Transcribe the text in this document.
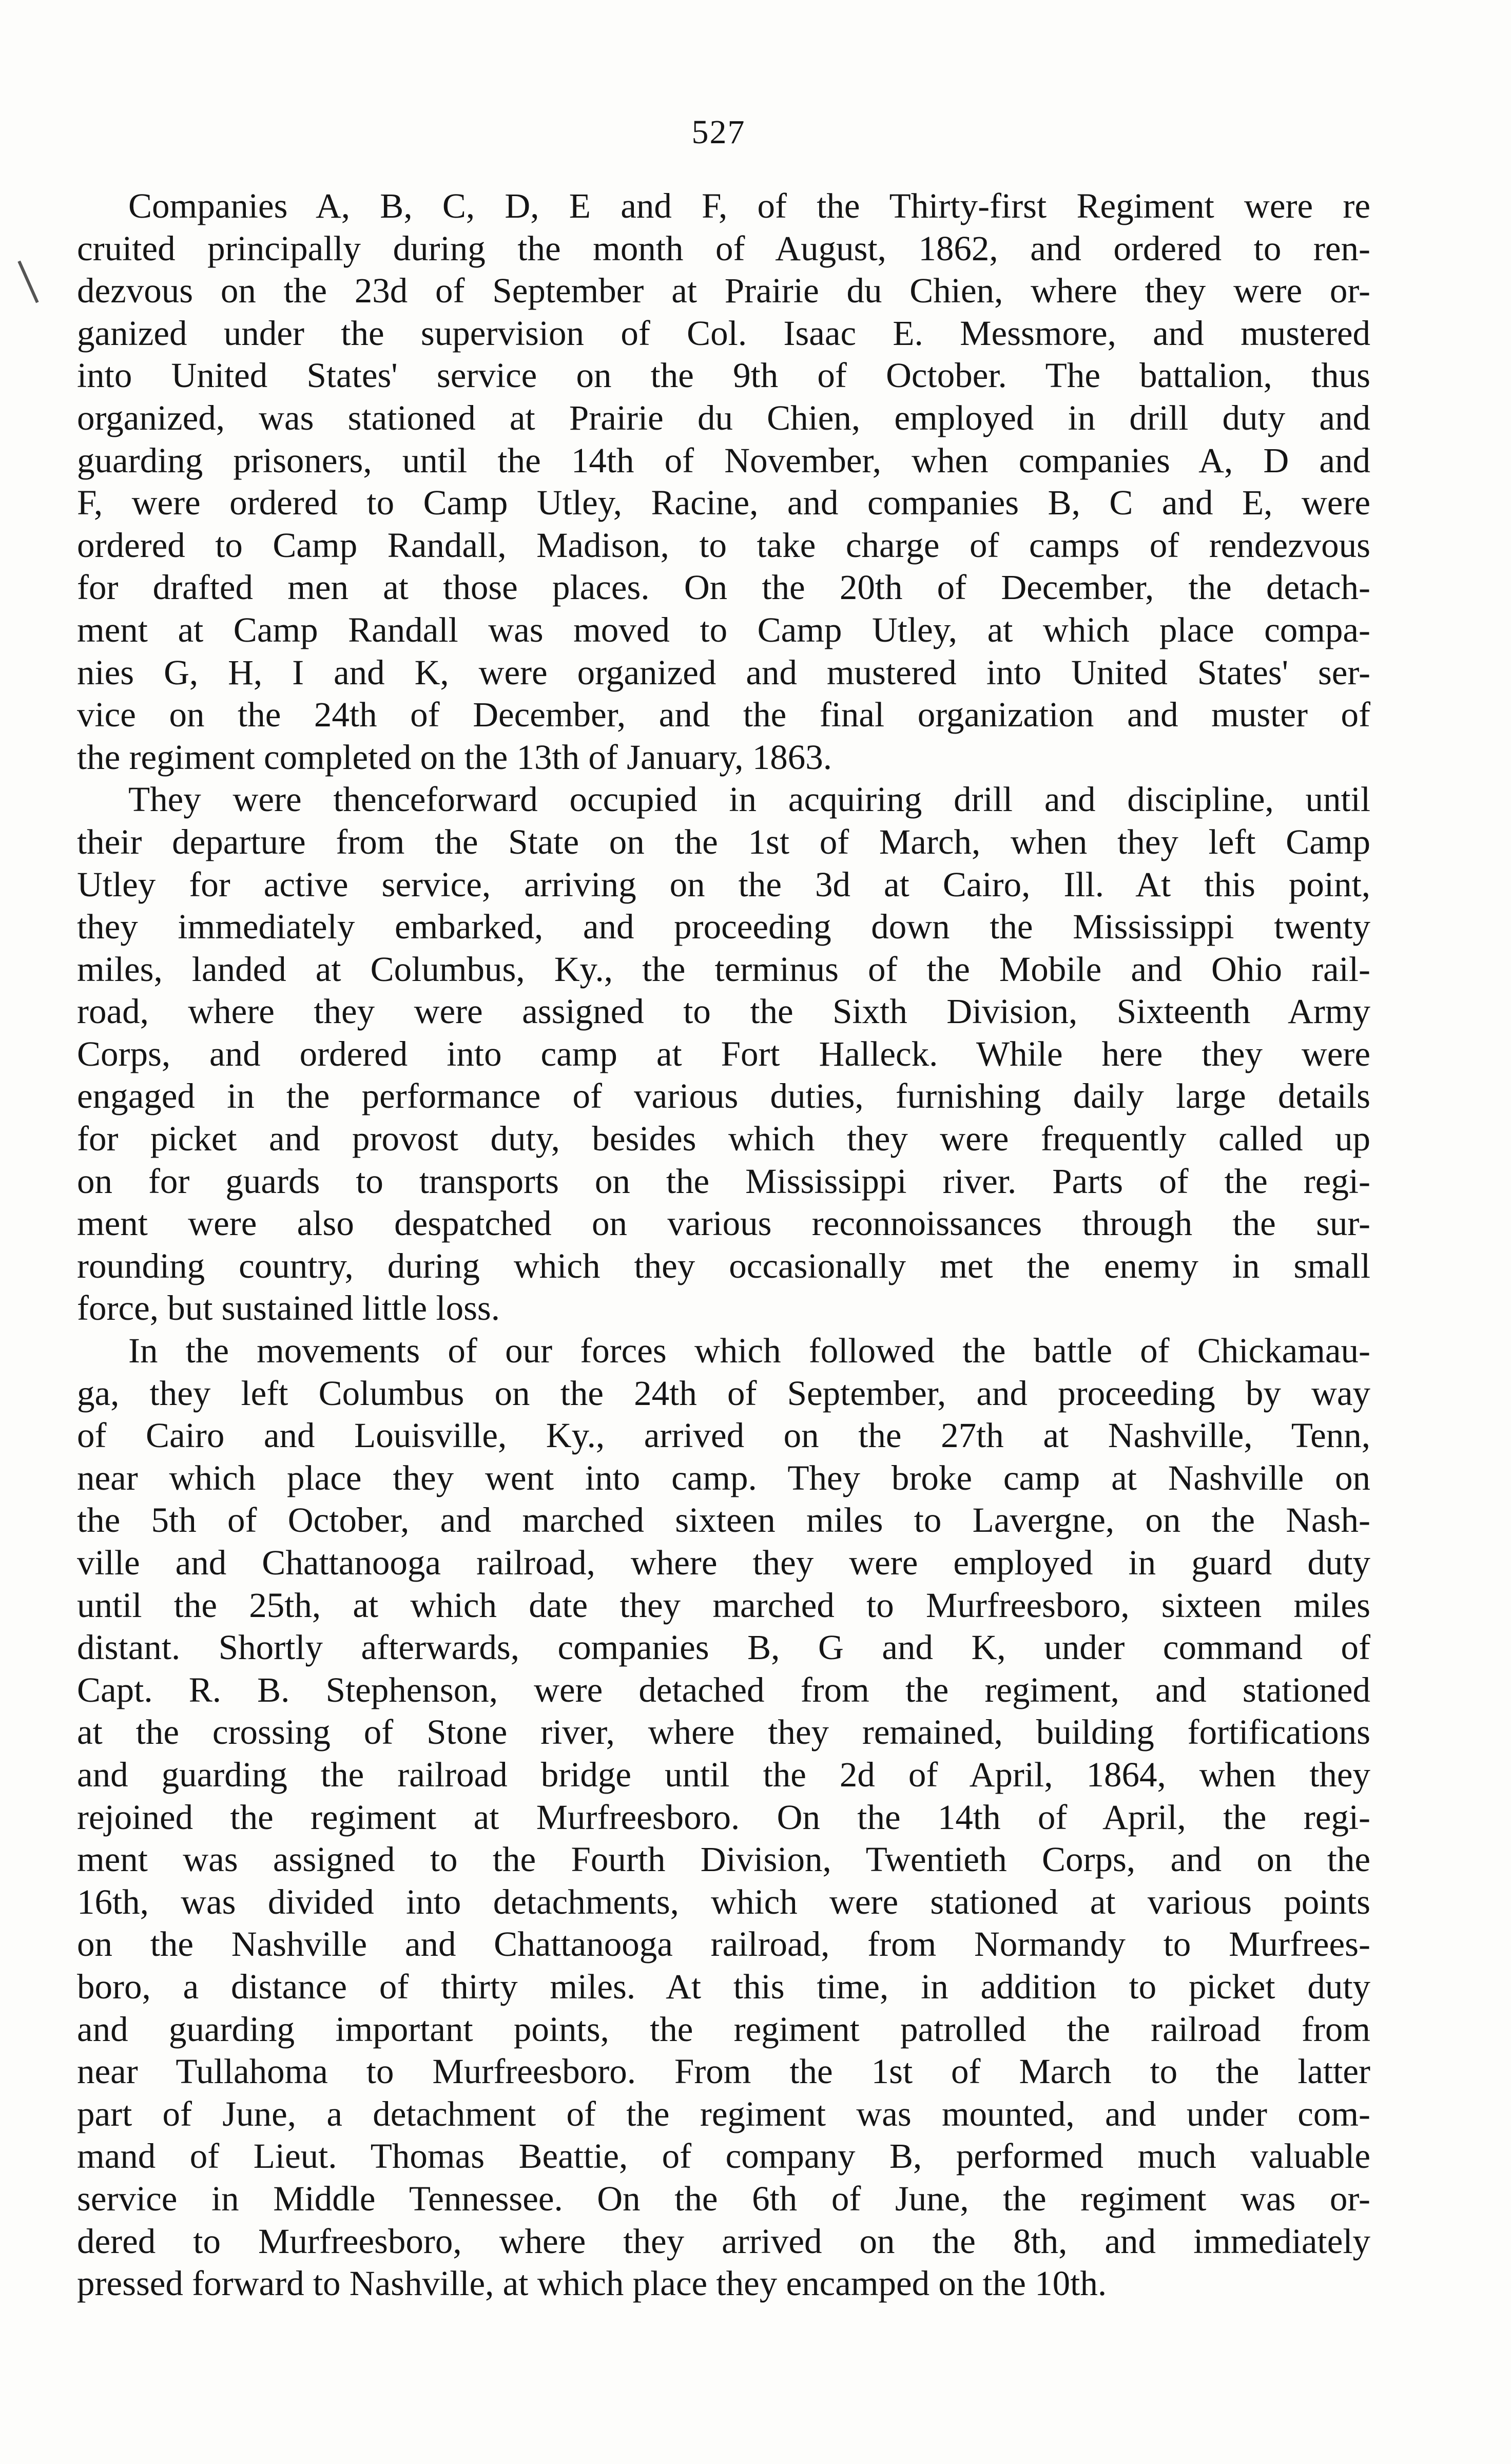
527
Companies A, B, C, D, E and F, of the Thirty-first Regiment were re
cruited principally during the month of August, 1862, and ordered to ren-
dezvous on the 23d of September at Prairie du Chien, where they were or-
ganized under the supervision of Col. Isaac E. Messmore, and mustered
into United States' service on the 9th of October. The battalion, thus
organized, was stationed at Prairie du Chien, employed in drill duty and
guarding prisoners, until the 14th of November, when companies A, D and
F, were ordered to Camp Utley, Racine, and companies B, C and E, were
ordered to Camp Randall, Madison, to take charge of camps of rendezvous
for drafted men at those places. On the 20th of December, the detach-
ment at Camp Randall was moved to Camp Utley, at which place compa-
nies G, H, I and K, were organized and mustered into United States' ser-
vice on the 24th of December, and the final organization and muster of
the regiment completed on the 13th of January, 1863.
They were thenceforward occupied in acquiring drill and discipline, until
their departure from the State on the 1st of March, when they left Camp
Utley for active service, arriving on the 3d at Cairo, Ill. At this point,
they immediately embarked, and proceeding down the Mississippi twenty
miles, landed at Columbus, Ky., the terminus of the Mobile and Ohio rail-
road, where they were assigned to the Sixth Division, Sixteenth Army
Corps, and ordered into camp at Fort Halleck. While here they were
engaged in the performance of various duties, furnishing daily large details
for picket and provost duty, besides which they were frequently called up
on for guards to transports on the Mississippi river. Parts of the regi-
ment were also despatched on various reconnoissances through the sur-
rounding country, during which they occasionally met the enemy in small
force, but sustained little loss.
In the movements of our forces which followed the battle of Chickamau-
ga, they left Columbus on the 24th of September, and proceeding by way
of Cairo and Louisville, Ky., arrived on the 27th at Nashville, Tenn,
near which place they went into camp. They broke camp at Nashville on
the 5th of October, and marched sixteen miles to Lavergne, on the Nash-
ville and Chattanooga railroad, where they were employed in guard duty
until the 25th, at which date they marched to Murfreesboro, sixteen miles
distant. Shortly afterwards, companies B, G and K, under command of
Capt. R. B. Stephenson, were detached from the regiment, and stationed
at the crossing of Stone river, where they remained, building fortifications
and guarding the railroad bridge until the 2d of April, 1864, when they
rejoined the regiment at Murfreesboro. On the 14th of April, the regi-
ment was assigned to the Fourth Division, Twentieth Corps, and on the
16th, was divided into detachments, which were stationed at various points
on the Nashville and Chattanooga railroad, from Normandy to Murfrees-
boro, a distance of thirty miles. At this time, in addition to picket duty
and guarding important points, the regiment patrolled the railroad from
near Tullahoma to Murfreesboro. From the 1st of March to the latter
part of June, a detachment of the regiment was mounted, and under com-
mand of Lieut. Thomas Beattie, of company B, performed much valuable
service in Middle Tennessee. On the 6th of June, the regiment was or-
dered to Murfreesboro, where they arrived on the 8th, and immediately
pressed forward to Nashville, at which place they encamped on the 10th.
